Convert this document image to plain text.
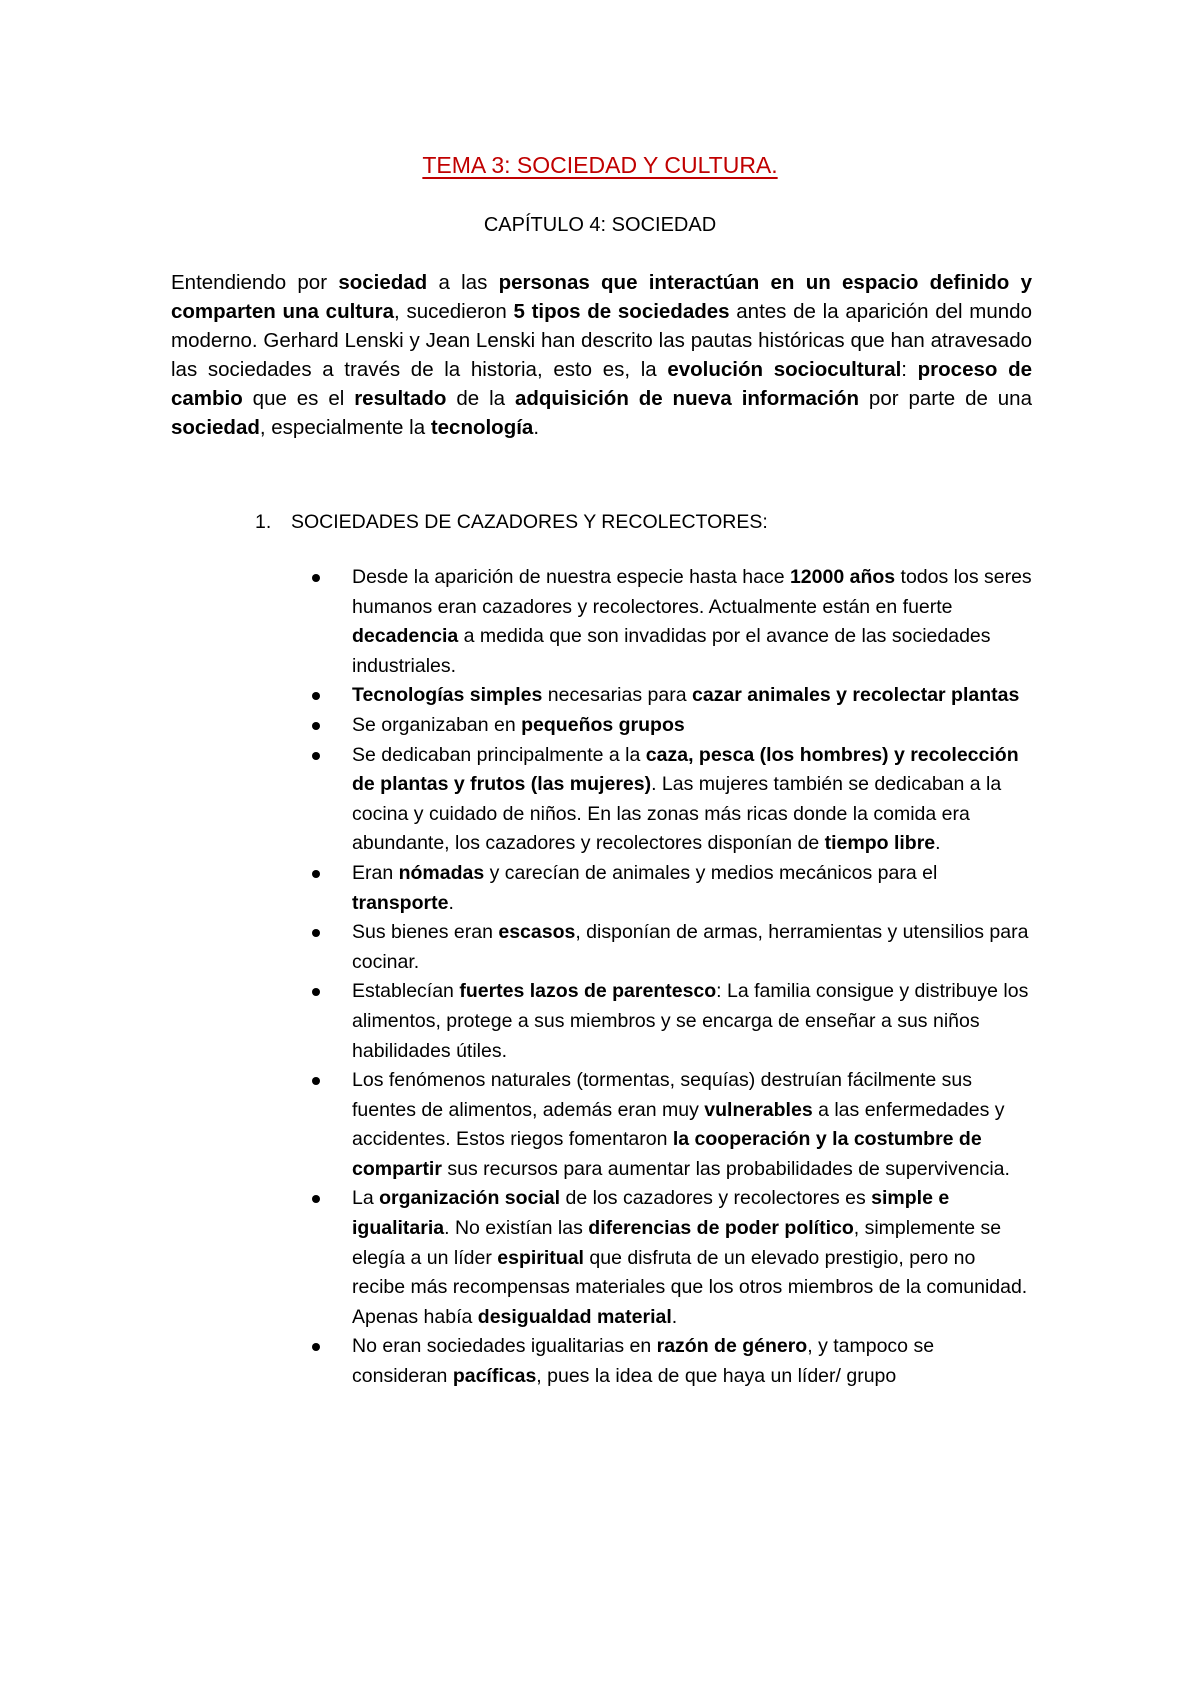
TEMA 3: SOCIEDAD Y CULTURA.
CAPÍTULO 4: SOCIEDAD

Entendiendo por sociedad a las personas que interactúan en un espacio definido y comparten una cultura, sucedieron 5 tipos de sociedades antes de la aparición del mundo moderno. Gerhard Lenski y Jean Lenski han descrito las pautas históricas que han atravesado las sociedades a través de la historia, esto es, la evolución sociocultural: proceso de cambio que es el resultado de la adquisición de nueva información por parte de una sociedad, especialmente la tecnología.

1. SOCIEDADES DE CAZADORES Y RECOLECTORES:

Desde la aparición de nuestra especie hasta hace 12000 años todos los seres humanos eran cazadores y recolectores. Actualmente están en fuerte decadencia a medida que son invadidas por el avance de las sociedades industriales.
Tecnologías simples necesarias para cazar animales y recolectar plantas
Se organizaban en pequeños grupos
Se dedicaban principalmente a la caza, pesca (los hombres) y recolección de plantas y frutos (las mujeres). Las mujeres también se dedicaban a la cocina y cuidado de niños. En las zonas más ricas donde la comida era abundante, los cazadores y recolectores disponían de tiempo libre.
Eran nómadas y carecían de animales y medios mecánicos para el transporte.
Sus bienes eran escasos, disponían de armas, herramientas y utensilios para cocinar.
Establecían fuertes lazos de parentesco: La familia consigue y distribuye los alimentos, protege a sus miembros y se encarga de enseñar a sus niños habilidades útiles.
Los fenómenos naturales (tormentas, sequías) destruían fácilmente sus fuentes de alimentos, además eran muy vulnerables a las enfermedades y accidentes. Estos riegos fomentaron la cooperación y la costumbre de compartir sus recursos para aumentar las probabilidades de supervivencia.
La organización social de los cazadores y recolectores es simple e igualitaria. No existían las diferencias de poder político, simplemente se elegía a un líder espiritual que disfruta de un elevado prestigio, pero no recibe más recompensas materiales que los otros miembros de la comunidad. Apenas había desigualdad material.
No eran sociedades igualitarias en razón de género, y tampoco se consideran pacíficas, pues la idea de que haya un líder/ grupo
